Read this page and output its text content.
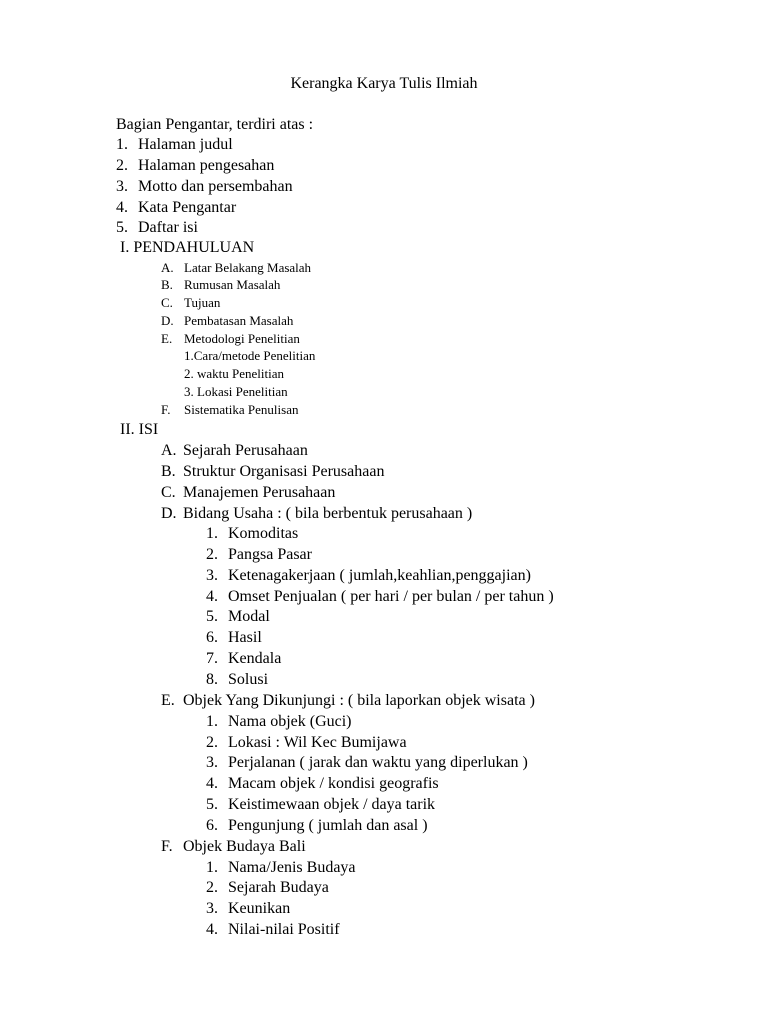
Kerangka Karya Tulis Ilmiah
Bagian Pengantar, terdiri atas :
1. Halaman judul
2. Halaman pengesahan
3. Motto dan persembahan
4. Kata Pengantar
5. Daftar isi
I. PENDAHULUAN
A. Latar Belakang Masalah
B. Rumusan Masalah
C. Tujuan
D. Pembatasan Masalah
E. Metodologi Penelitian
1.Cara/metode Penelitian
2. waktu Penelitian
3. Lokasi Penelitian
F. Sistematika Penulisan
II. ISI
A. Sejarah Perusahaan
B. Struktur Organisasi Perusahaan
C. Manajemen Perusahaan
D. Bidang Usaha : ( bila berbentuk perusahaan )
1. Komoditas
2. Pangsa Pasar
3. Ketenagakerjaan ( jumlah,keahlian,penggajian)
4. Omset Penjualan ( per hari / per bulan / per tahun )
5. Modal
6. Hasil
7. Kendala
8. Solusi
E. Objek Yang Dikunjungi : ( bila laporkan objek wisata )
1. Nama objek (Guci)
2. Lokasi : Wil Kec Bumijawa
3. Perjalanan ( jarak dan waktu yang diperlukan )
4. Macam objek / kondisi geografis
5. Keistimewaan objek / daya tarik
6. Pengunjung ( jumlah dan asal )
F. Objek Budaya Bali
1. Nama/Jenis Budaya
2. Sejarah Budaya
3. Keunikan
4. Nilai-nilai Positif
